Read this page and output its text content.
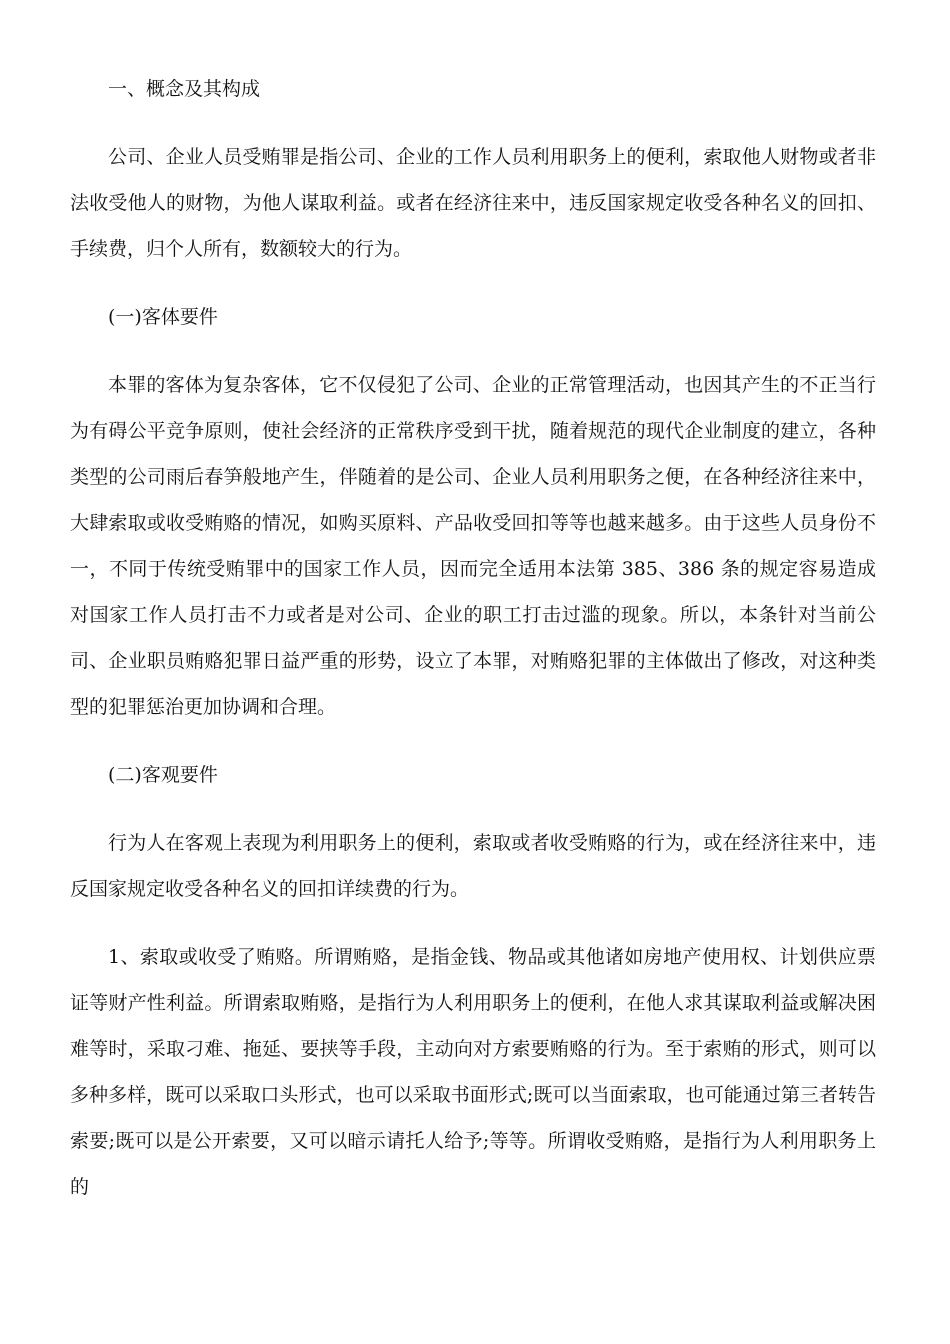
一、概念及其构成

公司、企业人员受贿罪是指公司、企业的工作人员利用职务上的便利，索取他人财物或者非法收受他人的财物，为他人谋取利益。或者在经济往来中，违反国家规定收受各种名义的回扣、手续费，归个人所有，数额较大的行为。

(一)客体要件

本罪的客体为复杂客体，它不仅侵犯了公司、企业的正常管理活动，也因其产生的不正当行为有碍公平竞争原则，使社会经济的正常秩序受到干扰，随着规范的现代企业制度的建立，各种类型的公司雨后春笋般地产生，伴随着的是公司、企业人员利用职务之便，在各种经济往来中，大肆索取或收受贿赂的情况，如购买原料、产品收受回扣等等也越来越多。由于这些人员身份不一，不同于传统受贿罪中的国家工作人员，因而完全适用本法第 385、386 条的规定容易造成对国家工作人员打击不力或者是对公司、企业的职工打击过滥的现象。所以，本条针对当前公司、企业职员贿赂犯罪日益严重的形势，设立了本罪，对贿赂犯罪的主体做出了修改，对这种类型的犯罪惩治更加协调和合理。

(二)客观要件

行为人在客观上表现为利用职务上的便利，索取或者收受贿赂的行为，或在经济往来中，违反国家规定收受各种名义的回扣详续费的行为。

1、索取或收受了贿赂。所谓贿赂，是指金钱、物品或其他诸如房地产使用权、计划供应票证等财产性利益。所谓索取贿赂，是指行为人利用职务上的便利，在他人求其谋取利益或解决困难等时，采取刁难、拖延、要挟等手段，主动向对方索要贿赂的行为。至于索贿的形式，则可以多种多样，既可以采取口头形式，也可以采取书面形式;既可以当面索取，也可能通过第三者转告索要;既可以是公开索要，又可以暗示请托人给予;等等。所谓收受贿赂，是指行为人利用职务上的
